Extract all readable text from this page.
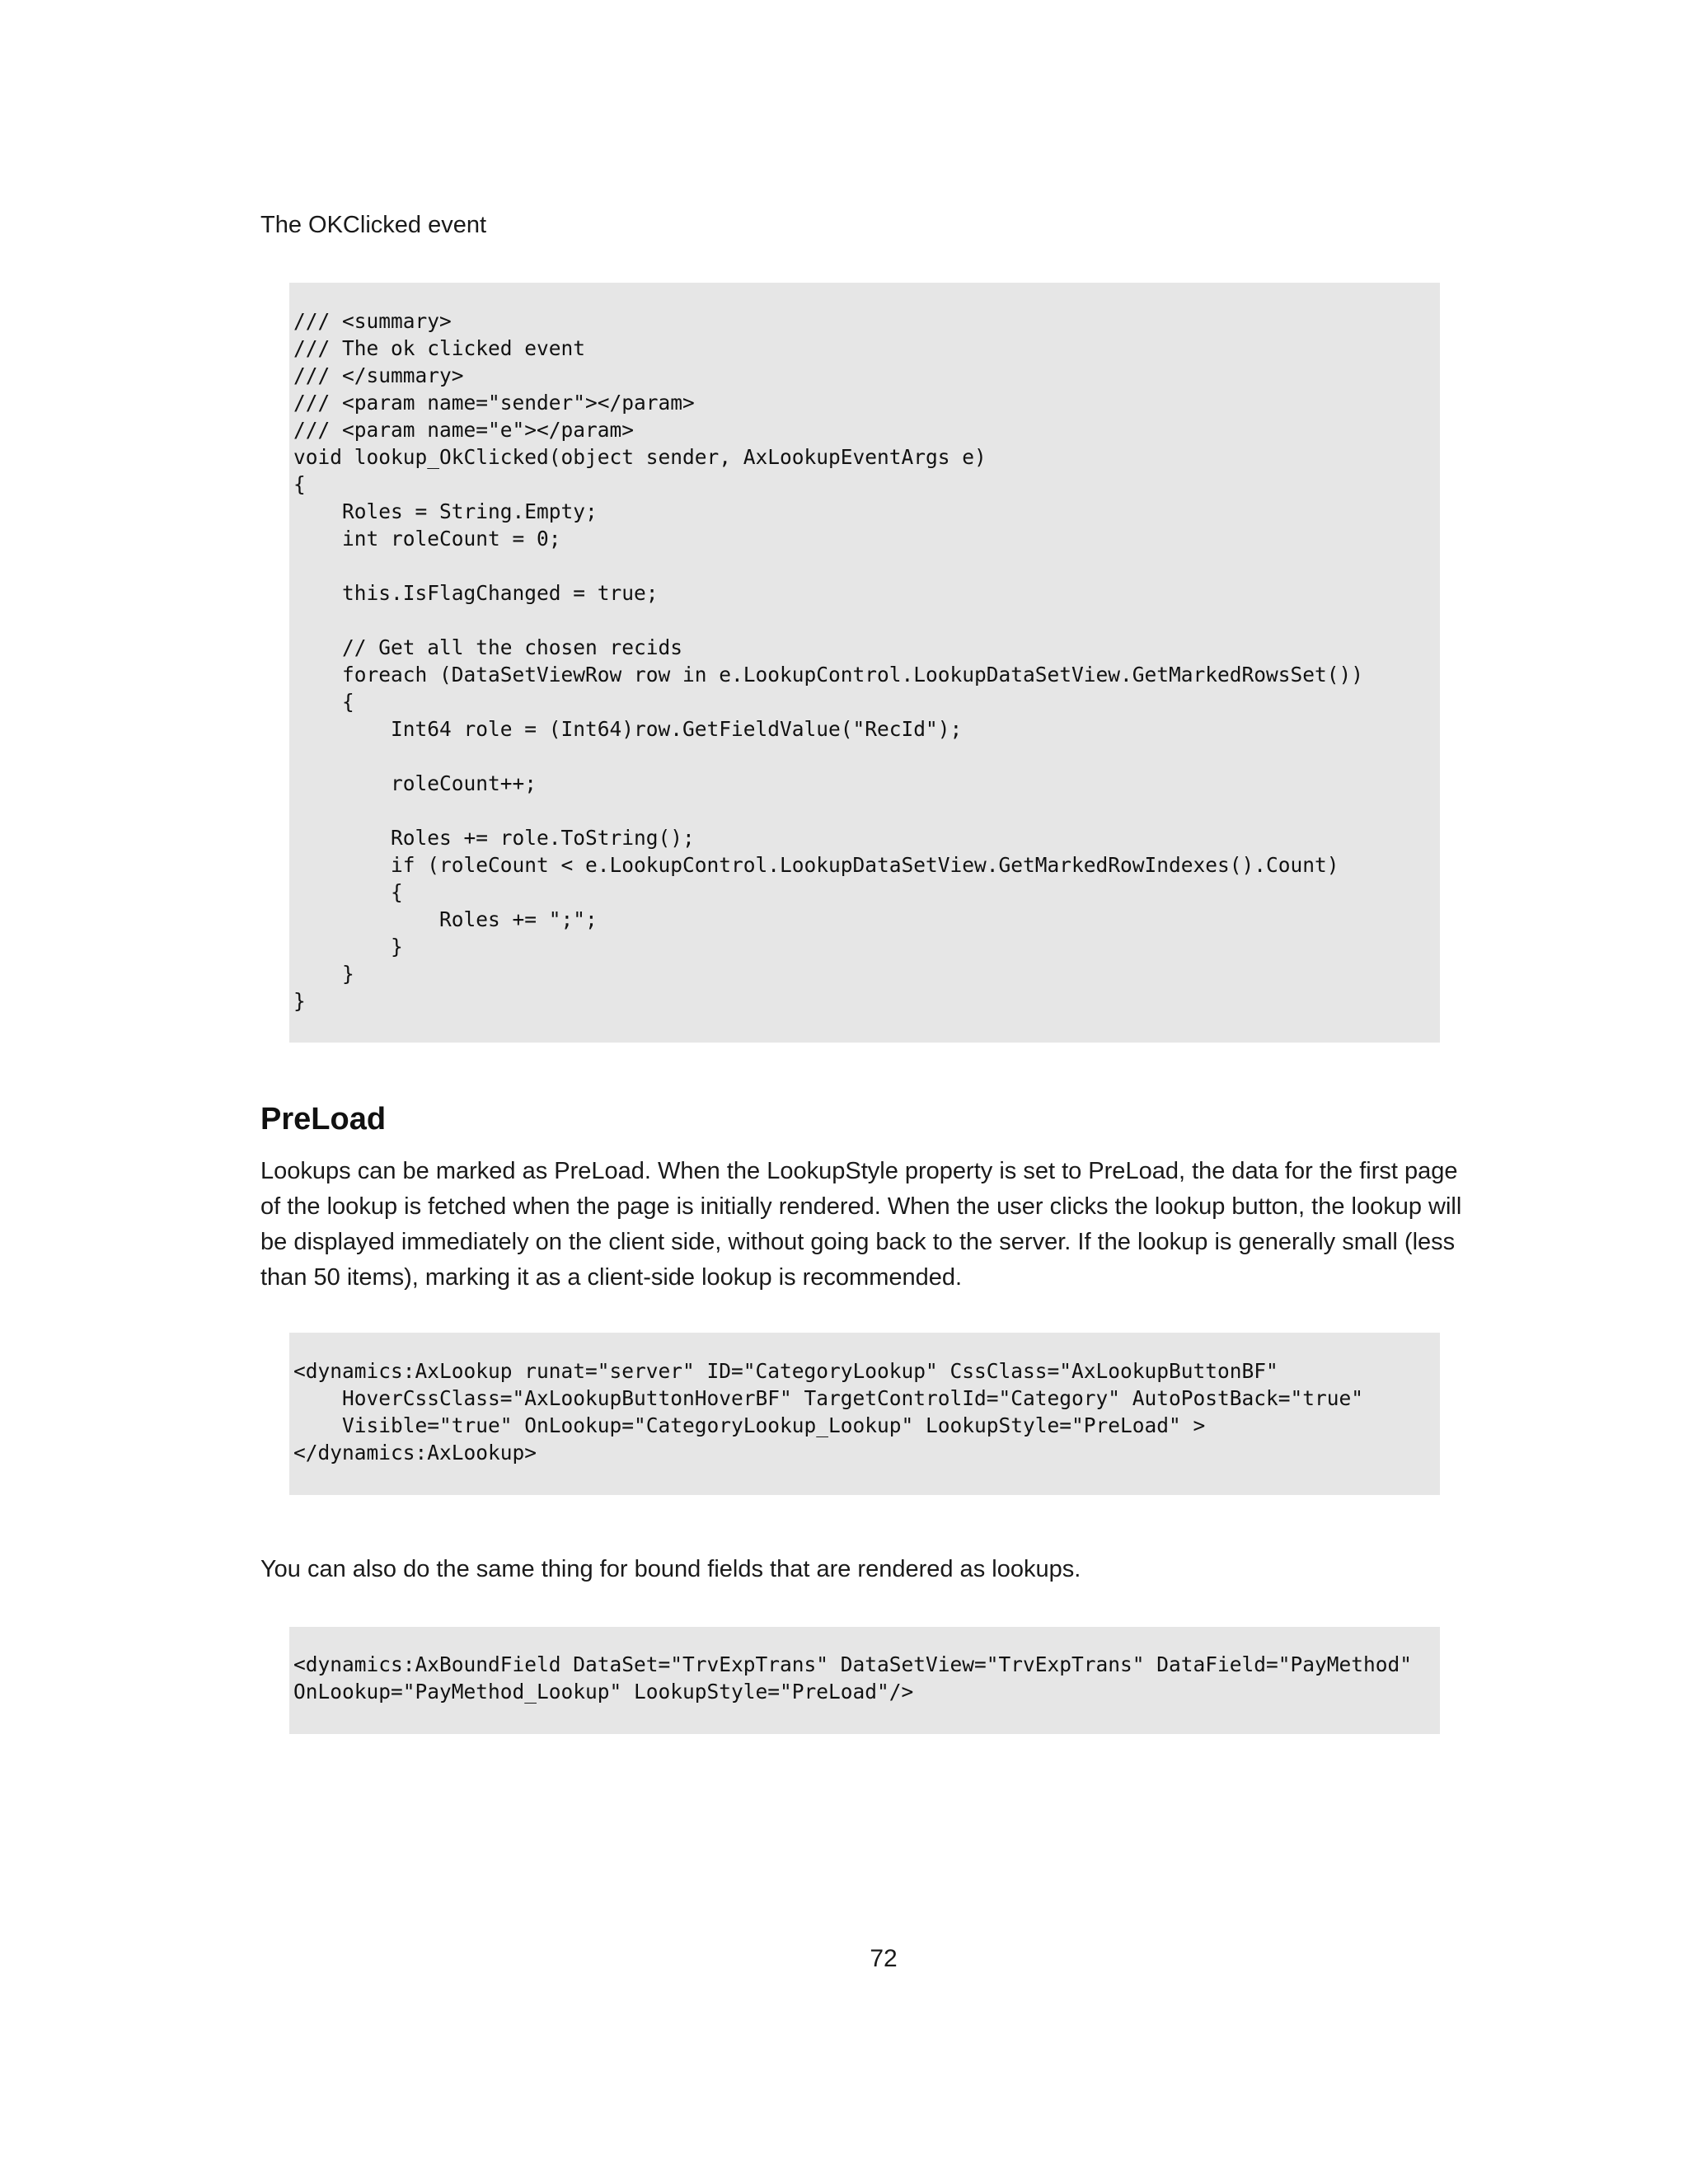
The OKClicked event

/// <summary>
/// The ok clicked event
/// </summary>
/// <param name="sender"></param>
/// <param name="e"></param>
void lookup_OkClicked(object sender, AxLookupEventArgs e)
{
Roles = String.Empty;
int roleCount = 0;

this.IsFlagChanged = true;

// Get all the chosen recids
foreach (DataSetViewRow row in e.LookupControl.LookupDataSetView.GetMarkedRowsSet())
{
Int64 role = (Int64)row.GetFieldValue("RecId");

roleCount++;

Roles += role.ToString();
if (roleCount < e.LookupControl.LookupDataSetView.GetMarkedRowIndexes().Count)
{
Roles += ";";
}
}
}
PreLoad

Lookups can be marked as PreLoad. When the LookupStyle property is set to PreLoad, the data for the first page of the lookup is fetched when the page is initially rendered. When the user clicks the lookup button, the lookup will be displayed immediately on the client side, without going back to the server. If the lookup is generally small (less than 50 items), marking it as a client-side lookup is recommended.

<dynamics:AxLookup runat="server" ID="CategoryLookup" CssClass="AxLookupButtonBF"
HoverCssClass="AxLookupButtonHoverBF" TargetControlId="Category" AutoPostBack="true"
Visible="true" OnLookup="CategoryLookup_Lookup" LookupStyle="PreLoad" >
</dynamics:AxLookup>

You can also do the same thing for bound fields that are rendered as lookups.

<dynamics:AxBoundField DataSet="TrvExpTrans" DataSetView="TrvExpTrans" DataField="PayMethod"
OnLookup="PayMethod_Lookup" LookupStyle="PreLoad"/>
72
